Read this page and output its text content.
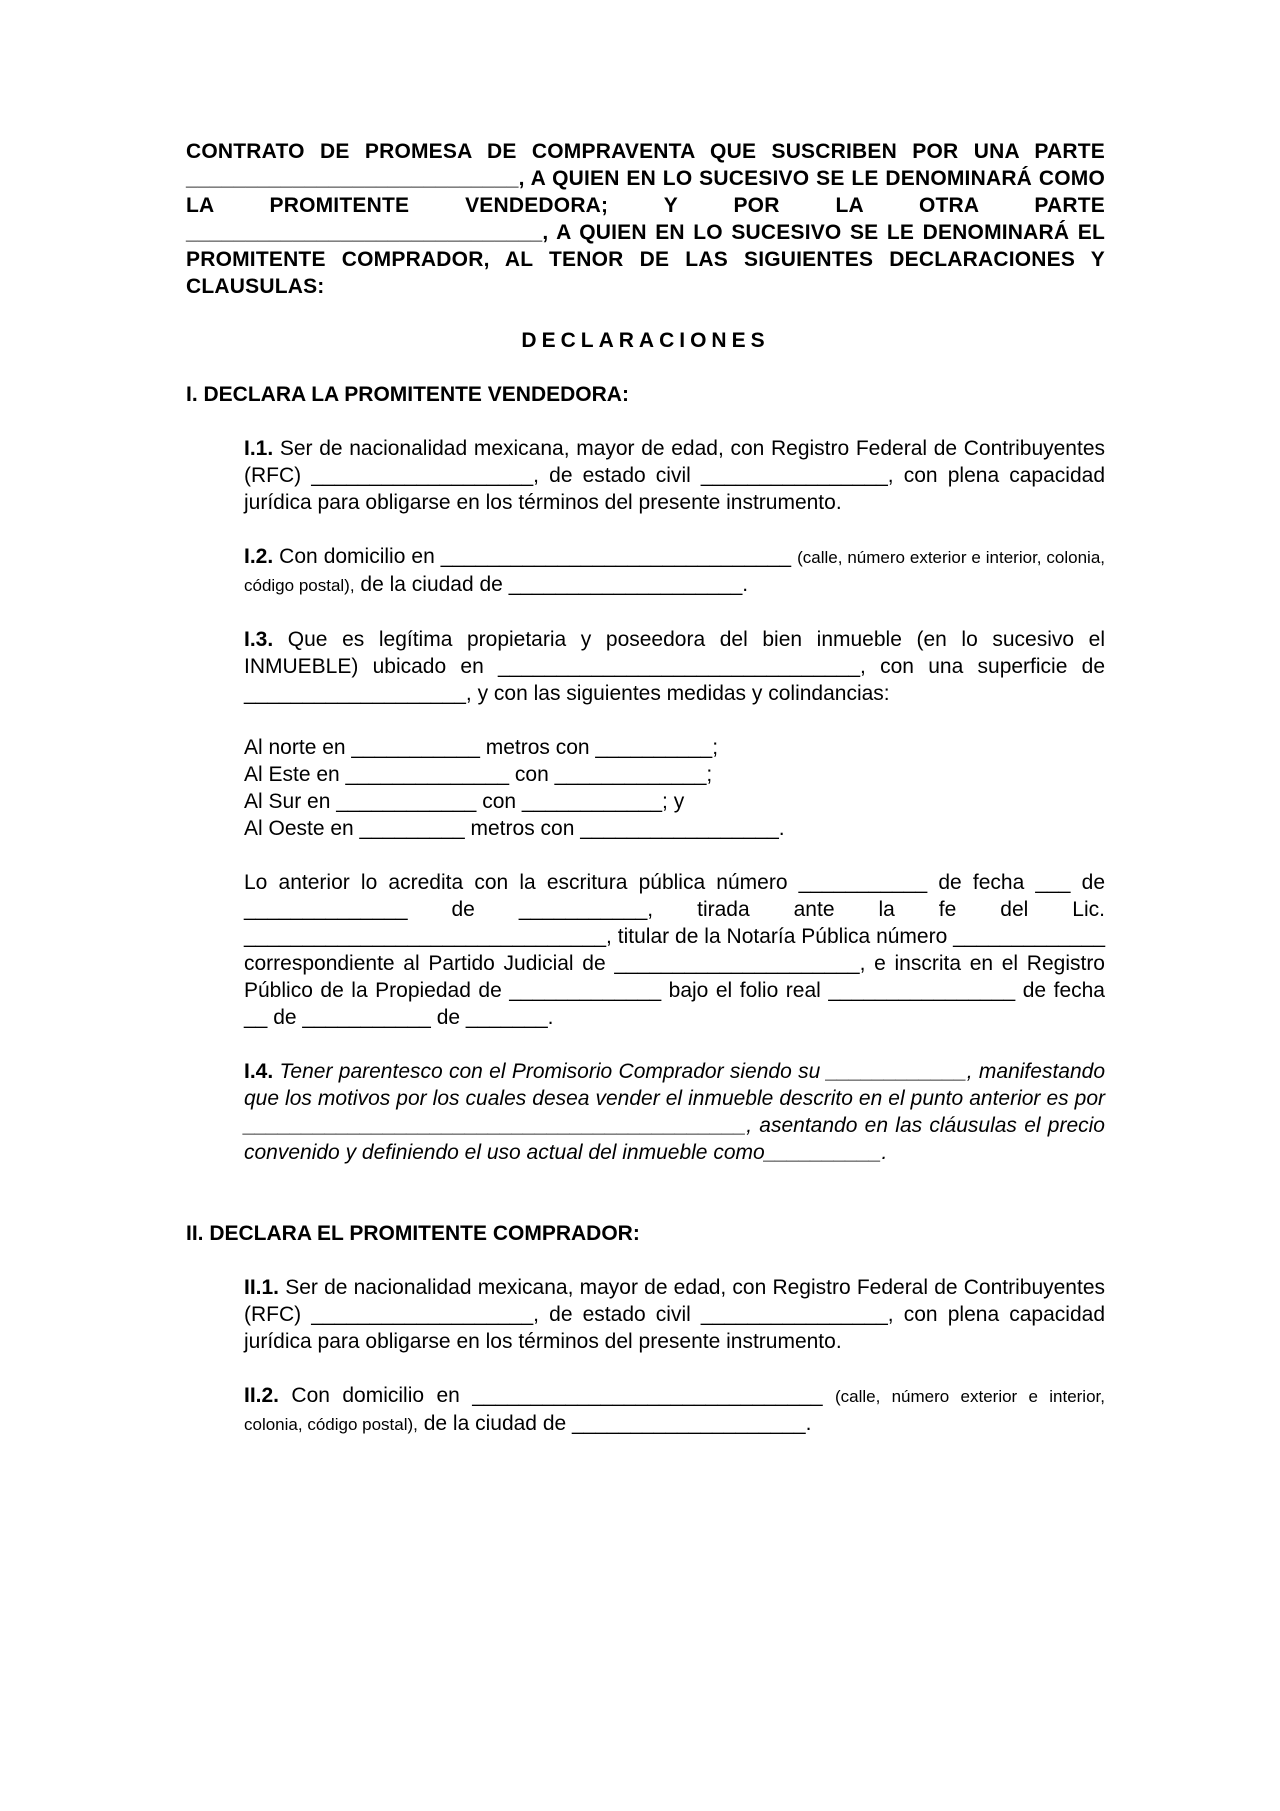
CONTRATO DE PROMESA DE COMPRAVENTA QUE SUSCRIBEN POR UNA PARTE ____________________________, A QUIEN EN LO SUCESIVO SE LE DENOMINARÁ COMO LA PROMITENTE VENDEDORA; Y POR LA OTRA PARTE ______________________________, A QUIEN EN LO SUCESIVO SE LE DENOMINARÁ EL PROMITENTE COMPRADOR, AL TENOR DE LAS SIGUIENTES DECLARACIONES Y CLAUSULAS:

DECLARACIONES
I. DECLARA LA PROMITENTE VENDEDORA:
I.1. Ser de nacionalidad mexicana, mayor de edad, con Registro Federal de Contribuyentes (RFC) ___________________, de estado civil ________________, con plena capacidad jurídica para obligarse en los términos del presente instrumento.
I.2. Con domicilio en ______________________________ (calle, número exterior e interior, colonia, código postal), de la ciudad de ____________________.
I.3. Que es legítima propietaria y poseedora del bien inmueble (en lo sucesivo el INMUEBLE) ubicado en _______________________________, con una superficie de ___________________, y con las siguientes medidas y colindancias:
Al norte en ___________ metros con __________;
Al Este en ______________ con _____________;
Al Sur en ____________ con ____________; y
Al Oeste en _________ metros con _________________.
Lo anterior lo acredita con la escritura pública número ___________ de fecha ___ de ______________ de ___________, tirada ante la fe del Lic. _______________________________, titular de la Notaría Pública número _____________ correspondiente al Partido Judicial de _____________________, e inscrita en el Registro Público de la Propiedad de _____________ bajo el folio real ________________ de fecha __ de ___________ de _______.
I.4. Tener parentesco con el Promisorio Comprador siendo su ____________, manifestando que los motivos por los cuales desea vender el inmueble descrito en el punto anterior es por ___________________________________________, asentando en las cláusulas el precio convenido y definiendo el uso actual del inmueble como__________.
II. DECLARA EL PROMITENTE COMPRADOR:
II.1. Ser de nacionalidad mexicana, mayor de edad, con Registro Federal de Contribuyentes (RFC) ___________________, de estado civil ________________, con plena capacidad jurídica para obligarse en los términos del presente instrumento.
II.2. Con domicilio en ______________________________ (calle, número exterior e interior, colonia, código postal), de la ciudad de ____________________.
